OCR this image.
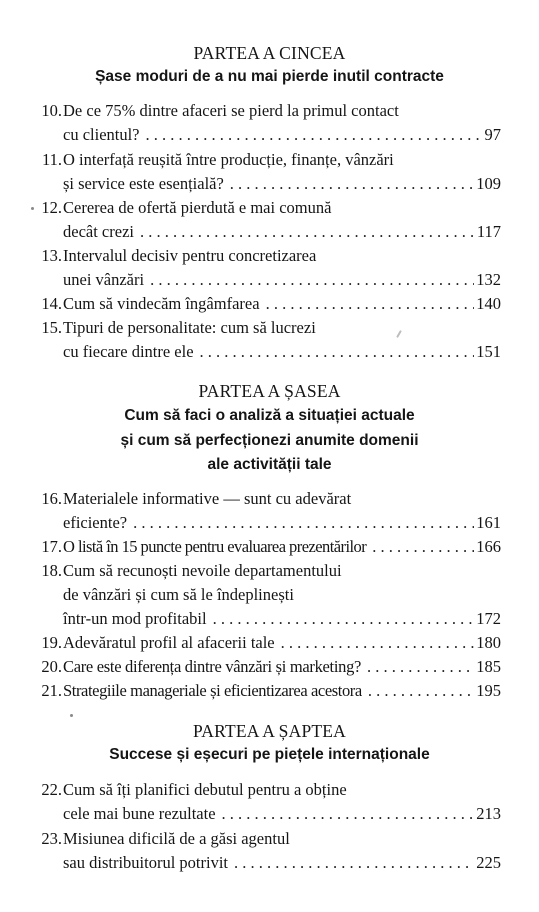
PARTEA A CINCEA
Șase moduri de a nu mai pierde inutil contracte
10. De ce 75% dintre afaceri se pierd la primul contact
cu clientul? . . .	97
11. O interfață reușită între producție, finanțe, vânzări
și service este esențială? . . .	109
12. Cererea de ofertă pierdută e mai comună
decât crezi . . .	117
13. Intervalul decisiv pentru concretizarea
unei vânzări . . .	132
14. Cum să vindecăm îngâmfarea . . .	140
15. Tipuri de personalitate: cum să lucrezi
cu fiecare dintre ele . . .	151
PARTEA A ȘASEA
Cum să faci o analiză a situației actuale
și cum să perfecționezi anumite domenii
ale activității tale
16. Materialele informative — sunt cu adevărat
eficiente? . . .	161
17. O listă în 15 puncte pentru evaluarea prezentărilor . . .	166
18. Cum să recunoști nevoile departamentului
de vânzări și cum să le îndeplinești
într-un mod profitabil . . .	172
19. Adevăratul profil al afacerii tale . . .	180
20. Care este diferența dintre vânzări și marketing? . . .	185
21. Strategiile manageriale și eficientizarea acestora . . .	195
PARTEA A ȘAPTEA
Succese și eșecuri pe piețele internaționale
22. Cum să îți planifici debutul pentru a obține
cele mai bune rezultate . . .	213
23. Misiunea dificilă de a găsi agentul
sau distribuitorul potrivit . . .	225
